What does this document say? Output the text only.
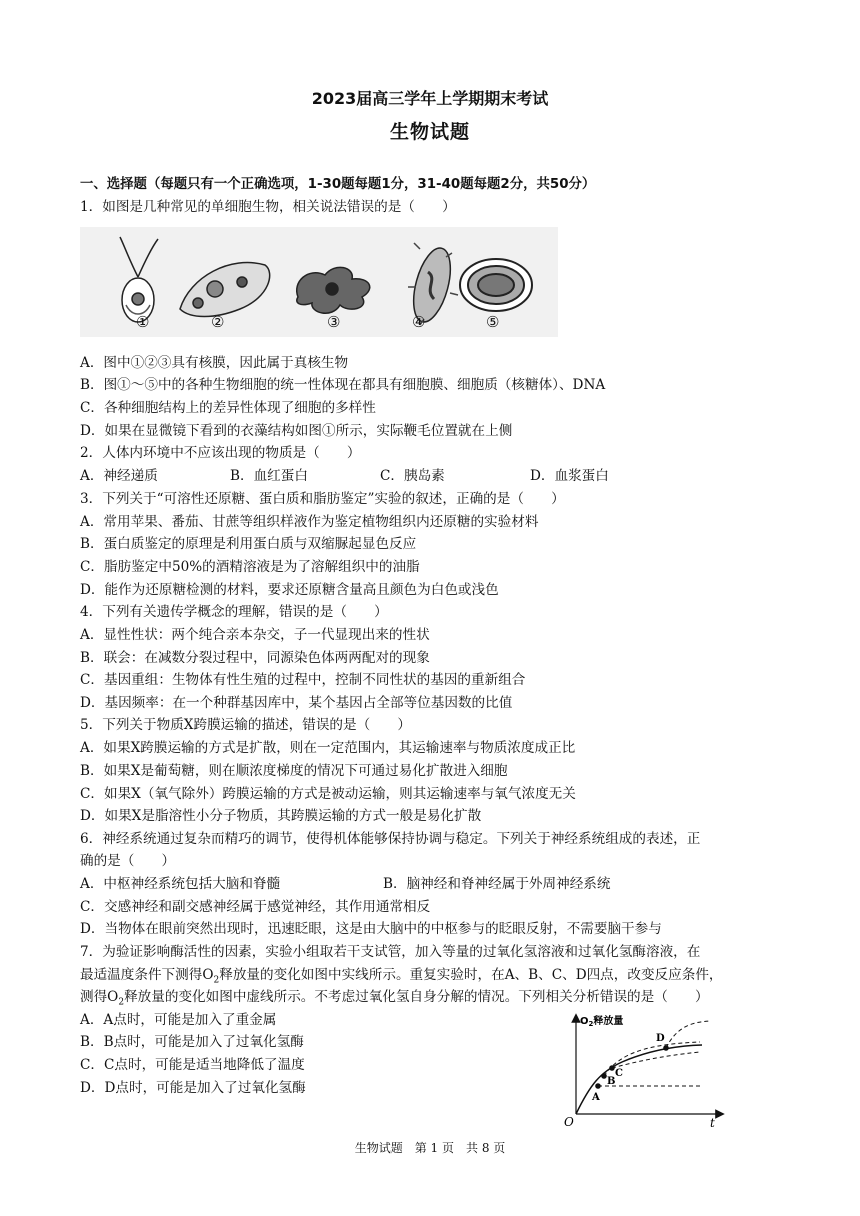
2023届高三学年上学期期末考试
生物试题
一、选择题（每题只有一个正确选项，1-30题每题1分，31-40题每题2分，共50分）
1．如图是几种常见的单细胞生物，相关说法错误的是（　　）
①	②	③	④	⑤
A．图中①②③具有核膜，因此属于真核生物
B．图①～⑤中的各种生物细胞的统一性体现在都具有细胞膜、细胞质（核糖体）、DNA
C．各种细胞结构上的差异性体现了细胞的多样性
D．如果在显微镜下看到的衣藻结构如图①所示，实际鞭毛位置就在上侧
2．人体内环境中不应该出现的物质是（　　）
A．神经递质	B．血红蛋白	C．胰岛素	D．血浆蛋白
3．下列关于“可溶性还原糖、蛋白质和脂肪鉴定”实验的叙述，正确的是（　　）
A．常用苹果、番茄、甘蔗等组织样液作为鉴定植物组织内还原糖的实验材料
B．蛋白质鉴定的原理是利用蛋白质与双缩脲起显色反应
C．脂肪鉴定中50%的酒精溶液是为了溶解组织中的油脂
D．能作为还原糖检测的材料，要求还原糖含量高且颜色为白色或浅色
4．下列有关遗传学概念的理解，错误的是（　　）
A．显性性状：两个纯合亲本杂交，子一代显现出来的性状
B．联会：在减数分裂过程中，同源染色体两两配对的现象
C．基因重组：生物体有性生殖的过程中，控制不同性状的基因的重新组合
D．基因频率：在一个种群基因库中，某个基因占全部等位基因数的比值
5．下列关于物质X跨膜运输的描述，错误的是（　　）
A．如果X跨膜运输的方式是扩散，则在一定范围内，其运输速率与物质浓度成正比
B．如果X是葡萄糖，则在顺浓度梯度的情况下可通过易化扩散进入细胞
C．如果X（氧气除外）跨膜运输的方式是被动运输，则其运输速率与氧气浓度无关
D．如果X是脂溶性小分子物质，其跨膜运输的方式一般是易化扩散
6．神经系统通过复杂而精巧的调节，使得机体能够保持协调与稳定。下列关于神经系统组成的表述，正
确的是（　　）
A．中枢神经系统包括大脑和脊髓	B．脑神经和脊神经属于外周神经系统
C．交感神经和副交感神经属于感觉神经，其作用通常相反
D．当物体在眼前突然出现时，迅速眨眼，这是由大脑中的中枢参与的眨眼反射，不需要脑干参与
7．为验证影响酶活性的因素，实验小组取若干支试管，加入等量的过氧化氢溶液和过氧化氢酶溶液，在
最适温度条件下测得$O_2$释放量的变化如图中实线所示。重复实验时，在A、B、C、D四点，改变反应条件，
测得$O_2$释放量的变化如图中虚线所示。不考虑过氧化氢自身分解的情况。下列相关分析错误的是（　　）
A．A点时，可能是加入了重金属
B．B点时，可能是加入了过氧化氢酶
C．C点时，可能是适当地降低了温度
D．D点时，可能是加入了过氧化氢酶
$O_2$释放量
t
O
A
B
C
D
生物试题　第 1 页　共 8 页
